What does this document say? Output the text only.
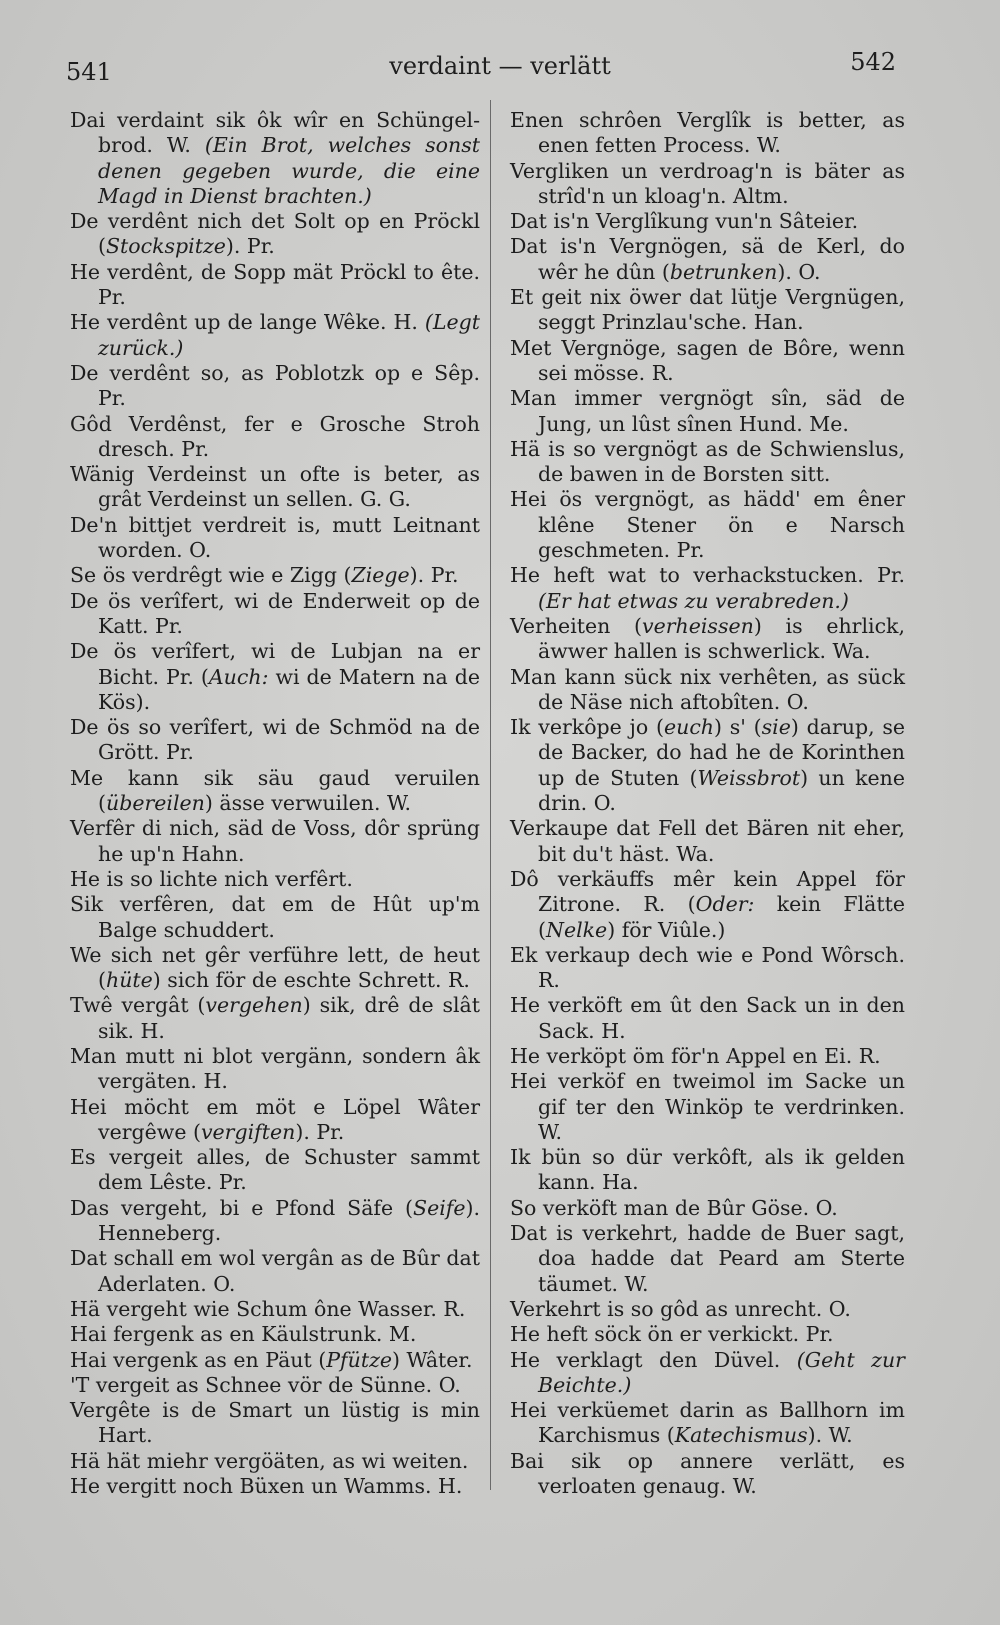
541	verdaint — verlätt	542

Dai verdaint sik ôk wîr en Schüngel-brod. W. (Ein Brot, welches sonst denen gegeben wurde, die eine Magd in Dienst brachten.)

De verdênt nich det Solt op en Pröckl (Stockspitze). Pr.

He verdênt, de Sopp mät Pröckl to ête. Pr.

He verdênt up de lange Wêke. H. (Legt zurück.)

De verdênt so, as Poblotzk op e Sêp. Pr.

Gôd Verdênst, fer e Grosche Stroh dresch. Pr.

Wänig Verdeinst un ofte is beter, as grât Verdeinst un sellen. G. G.

De'n bittjet verdreit is, mutt Leitnant worden. O.

Se ös verdrêgt wie e Zigg (Ziege). Pr.

De ös verîfert, wi de Enderweit op de Katt. Pr.

De ös verîfert, wi de Lubjan na er Bicht. Pr. (Auch: wi de Matern na de Kös).

De ös so verîfert, wi de Schmöd na de Grött. Pr.

Me kann sik säu gaud veruilen (übereilen) ässe verwuilen. W.

Verfêr di nich, säd de Voss, dôr sprüng he up'n Hahn.

He is so lichte nich verfêrt.

Sik verfêren, dat em de Hût up'm Balge schuddert.

We sich net gêr verführe lett, de heut (hüte) sich för de eschte Schrett. R.

Twê vergât (vergehen) sik, drê de slât sik. H.

Man mutt ni blot vergänn, sondern âk vergäten. H.

Hei möcht em möt e Löpel Wâter vergêwe (vergiften). Pr.

Es vergeit alles, de Schuster sammt dem Lêste. Pr.

Das vergeht, bi e Pfond Säfe (Seife). Henneberg.

Dat schall em wol vergân as de Bûr dat Aderlaten. O.

Hä vergeht wie Schum ône Wasser. R.

Hai fergenk as en Käulstrunk. M.

Hai vergenk as en Päut (Pfütze) Wâter.

'T vergeit as Schnee vör de Sünne. O.

Vergête is de Smart un lüstig is min Hart.

Hä hät miehr vergöäten, as wi weiten.

He vergitt noch Büxen un Wamms. H.

Enen schrôen Verglîk is better, as enen fetten Process. W.

Vergliken un verdroag'n is bäter as strîd'n un kloag'n. Altm.

Dat is'n Verglîkung vun'n Sâteier.

Dat is'n Vergnögen, sä de Kerl, do wêr he dûn (betrunken). O.

Et geit nix öwer dat lütje Vergnügen, seggt Prinzlau'sche. Han.

Met Vergnöge, sagen de Bôre, wenn sei mösse. R.

Man immer vergnögt sîn, säd de Jung, un lûst sînen Hund. Me.

Hä is so vergnögt as de Schwienslus, de bawen in de Borsten sitt.

Hei ös vergnögt, as hädd' em êner klêne Stener ön e Narsch geschmeten. Pr.

He heft wat to verhackstucken. Pr. (Er hat etwas zu verabreden.)

Verheiten (verheissen) is ehrlick, äwwer hallen is schwerlick. Wa.

Man kann sück nix verhêten, as sück de Näse nich aftobîten. O.

Ik verkôpe jo (euch) s' (sie) darup, se de Backer, do had he de Korinthen up de Stuten (Weissbrot) un kene drin. O.

Verkaupe dat Fell det Bären nit eher, bit du't häst. Wa.

Dô verkäuffs mêr kein Appel för Zitrone. R. (Oder: kein Flätte (Nelke) för Viûle.)

Ek verkaup dech wie e Pond Wôrsch. R.

He verköft em ût den Sack un in den Sack. H.

He verköpt öm för'n Appel en Ei. R.

Hei verköf en tweimol im Sacke un gif ter den Winköp te verdrinken. W.

Ik bün so dür verkôft, als ik gelden kann. Ha.

So verköft man de Bûr Göse. O.

Dat is verkehrt, hadde de Buer sagt, doa hadde dat Peard am Sterte täumet. W.

Verkehrt is so gôd as unrecht. O.

He heft söck ön er verkickt. Pr.

He verklagt den Düvel. (Geht zur Beichte.)

Hei verküemet darin as Ballhorn im Karchismus (Katechismus). W.

Bai sik op annere verlätt, es verloaten genaug. W.
